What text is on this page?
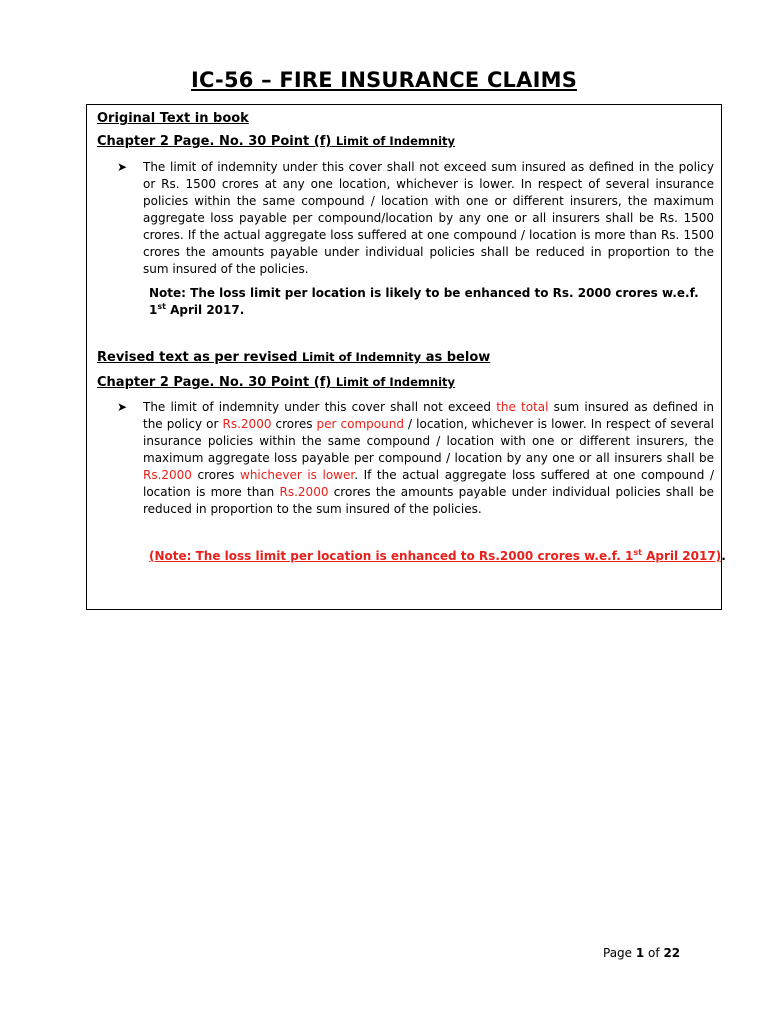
IC-56 – FIRE INSURANCE CLAIMS
Original Text in book
Chapter 2 Page. No. 30 Point (f) Limit of Indemnity
➤ The limit of indemnity under this cover shall not exceed sum insured as defined in the policy or Rs. 1500 crores at any one location, whichever is lower. In respect of several insurance policies within the same compound / location with one or different insurers, the maximum aggregate loss payable per compound/location by any one or all insurers shall be Rs. 1500 crores. If the actual aggregate loss suffered at one compound / location is more than Rs. 1500 crores the amounts payable under individual policies shall be reduced in proportion to the sum insured of the policies.
Note: The loss limit per location is likely to be enhanced to Rs. 2000 crores w.e.f. 1st April 2017.
Revised text as per revised Limit of Indemnity as below
Chapter 2 Page. No. 30 Point (f) Limit of Indemnity
➤ The limit of indemnity under this cover shall not exceed the total sum insured as defined in the policy or Rs.2000 crores per compound / location, whichever is lower. In respect of several insurance policies within the same compound / location with one or different insurers, the maximum aggregate loss payable per compound / location by any one or all insurers shall be Rs.2000 crores whichever is lower. If the actual aggregate loss suffered at one compound / location is more than Rs.2000 crores the amounts payable under individual policies shall be reduced in proportion to the sum insured of the policies.
(Note: The loss limit per location is enhanced to Rs.2000 crores w.e.f. 1st April 2017).
Page 1 of 22
